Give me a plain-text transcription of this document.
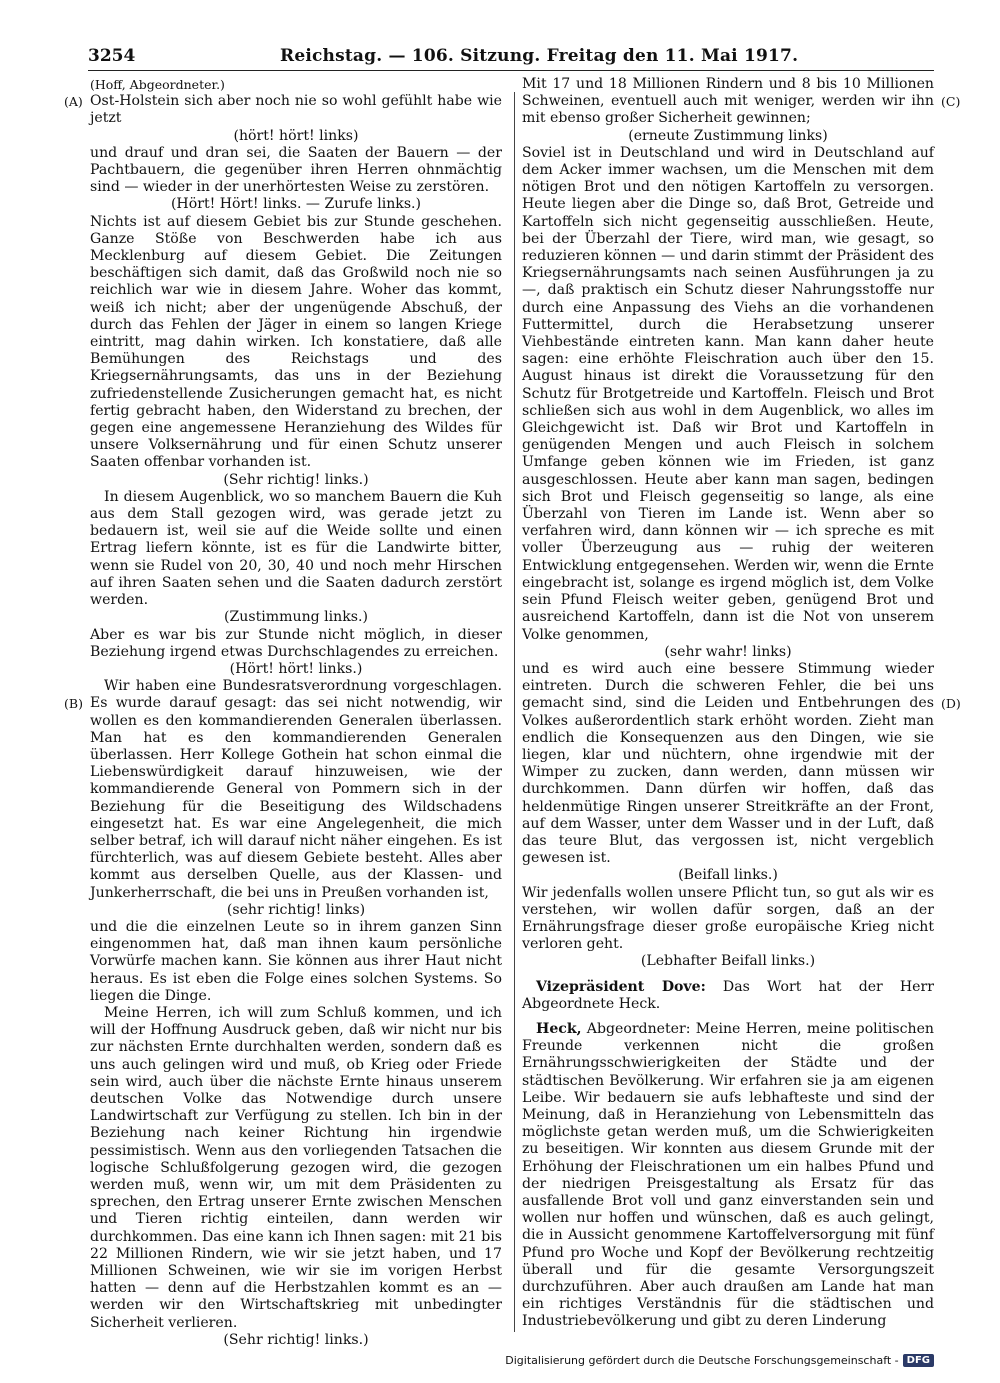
3254	Reichstag. — 106. Sitzung. Freitag den 11. Mai 1917.

(Hoff, Abgeordneter.)

Ost-Holstein sich aber noch nie so wohl gefühlt habe wie jetzt

(hört! hört! links)

und drauf und dran sei, die Saaten der Bauern — der Pachtbauern, die gegenüber ihren Herren ohnmächtig sind — wieder in der unerhörtesten Weise zu zerstören.

(Hört! Hört! links. — Zurufe links.)

Nichts ist auf diesem Gebiet bis zur Stunde geschehen. Ganze Stöße von Beschwerden habe ich aus Mecklenburg auf diesem Gebiet. Die Zeitungen beschäftigen sich damit, daß das Großwild noch nie so reichlich war wie in diesem Jahre. Woher das kommt, weiß ich nicht; aber der ungenügende Abschuß, der durch das Fehlen der Jäger in einem so langen Kriege eintritt, mag dahin wirken. Ich konstatiere, daß alle Bemühungen des Reichstags und des Kriegsernährungsamts, das uns in der Beziehung zufriedenstellende Zusicherungen gemacht hat, es nicht fertig gebracht haben, den Widerstand zu brechen, der gegen eine angemessene Heranziehung des Wildes für unsere Volksernährung und für einen Schutz unserer Saaten offenbar vorhanden ist.

(Sehr richtig! links.)

In diesem Augenblick, wo so manchem Bauern die Kuh aus dem Stall gezogen wird, was gerade jetzt zu bedauern ist, weil sie auf die Weide sollte und einen Ertrag liefern könnte, ist es für die Landwirte bitter, wenn sie Rudel von 20, 30, 40 und noch mehr Hirschen auf ihren Saaten sehen und die Saaten dadurch zerstört werden.

(Zustimmung links.)

Aber es war bis zur Stunde nicht möglich, in dieser Beziehung irgend etwas Durchschlagendes zu erreichen.

(Hört! hört! links.)

Wir haben eine Bundesratsverordnung vorgeschlagen. Es wurde darauf gesagt: das sei nicht notwendig, wir wollen es den kommandierenden Generalen überlassen. Man hat es den kommandierenden Generalen überlassen. Herr Kollege Gothein hat schon einmal die Liebenswürdigkeit darauf hinzuweisen, wie der kommandierende General von Pommern sich in der Beziehung für die Beseitigung des Wildschadens eingesetzt hat. Es war eine Angelegenheit, die mich selber betraf, ich will darauf nicht näher eingehen. Es ist fürchterlich, was auf diesem Gebiete besteht. Alles aber kommt aus derselben Quelle, aus der Klassen- und Junkerherrschaft, die bei uns in Preußen vorhanden ist,

(sehr richtig! links)

und die die einzelnen Leute so in ihrem ganzen Sinn eingenommen hat, daß man ihnen kaum persönliche Vorwürfe machen kann. Sie können aus ihrer Haut nicht heraus. Es ist eben die Folge eines solchen Systems. So liegen die Dinge.

Meine Herren, ich will zum Schluß kommen, und ich will der Hoffnung Ausdruck geben, daß wir nicht nur bis zur nächsten Ernte durchhalten werden, sondern daß es uns auch gelingen wird und muß, ob Krieg oder Friede sein wird, auch über die nächste Ernte hinaus unserem deutschen Volke das Notwendige durch unsere Landwirtschaft zur Verfügung zu stellen. Ich bin in der Beziehung nach keiner Richtung hin irgendwie pessimistisch. Wenn aus den vorliegenden Tatsachen die logische Schlußfolgerung gezogen wird, die gezogen werden muß, wenn wir, um mit dem Präsidenten zu sprechen, den Ertrag unserer Ernte zwischen Menschen und Tieren richtig einteilen, dann werden wir durchkommen. Das eine kann ich Ihnen sagen: mit 21 bis 22 Millionen Rindern, wie wir sie jetzt haben, und 17 Millionen Schweinen, wie wir sie im vorigen Herbst hatten — denn auf die Herbstzahlen kommt es an — werden wir den Wirtschaftskrieg mit unbedingter Sicherheit verlieren.

(Sehr richtig! links.)

Mit 17 und 18 Millionen Rindern und 8 bis 10 Millionen Schweinen, eventuell auch mit weniger, werden wir ihn mit ebenso großer Sicherheit gewinnen;

(erneute Zustimmung links)

Soviel ist in Deutschland und wird in Deutschland auf dem Acker immer wachsen, um die Menschen mit dem nötigen Brot und den nötigen Kartoffeln zu versorgen. Heute liegen aber die Dinge so, daß Brot, Getreide und Kartoffeln sich nicht gegenseitig ausschließen. Heute, bei der Überzahl der Tiere, wird man, wie gesagt, so reduzieren können — und darin stimmt der Präsident des Kriegsernährungsamts nach seinen Ausführungen ja zu —, daß praktisch ein Schutz dieser Nahrungsstoffe nur durch eine Anpassung des Viehs an die vorhandenen Futtermittel, durch die Herabsetzung unserer Viehbestände eintreten kann. Man kann daher heute sagen: eine erhöhte Fleischration auch über den 15. August hinaus ist direkt die Voraussetzung für den Schutz für Brotgetreide und Kartoffeln. Fleisch und Brot schließen sich aus wohl in dem Augenblick, wo alles im Gleichgewicht ist. Daß wir Brot und Kartoffeln in genügenden Mengen und auch Fleisch in solchem Umfange geben können wie im Frieden, ist ganz ausgeschlossen. Heute aber kann man sagen, bedingen sich Brot und Fleisch gegenseitig so lange, als eine Überzahl von Tieren im Lande ist. Wenn aber so verfahren wird, dann können wir — ich spreche es mit voller Überzeugung aus — ruhig der weiteren Entwicklung entgegensehen. Werden wir, wenn die Ernte eingebracht ist, solange es irgend möglich ist, dem Volke sein Pfund Fleisch weiter geben, genügend Brot und ausreichend Kartoffeln, dann ist die Not von unserem Volke genommen,

(sehr wahr! links)

und es wird auch eine bessere Stimmung wieder eintreten. Durch die schweren Fehler, die bei uns gemacht sind, sind die Leiden und Entbehrungen des Volkes außerordentlich stark erhöht worden. Zieht man endlich die Konsequenzen aus den Dingen, wie sie liegen, klar und nüchtern, ohne irgendwie mit der Wimper zu zucken, dann werden, dann müssen wir durchkommen. Dann dürfen wir hoffen, daß das heldenmütige Ringen unserer Streitkräfte an der Front, auf dem Wasser, unter dem Wasser und in der Luft, daß das teure Blut, das vergossen ist, nicht vergeblich gewesen ist.

(Beifall links.)

Wir jedenfalls wollen unsere Pflicht tun, so gut als wir es verstehen, wir wollen dafür sorgen, daß an der Ernährungsfrage dieser große europäische Krieg nicht verloren geht.

(Lebhafter Beifall links.)

Vizepräsident Dove: Das Wort hat der Herr Abgeordnete Heck.

Heck, Abgeordneter: Meine Herren, meine politischen Freunde verkennen nicht die großen Ernährungsschwierigkeiten der Städte und der städtischen Bevölkerung. Wir erfahren sie ja am eigenen Leibe. Wir bedauern sie aufs lebhafteste und sind der Meinung, daß in Heranziehung von Lebensmitteln das möglichste getan werden muß, um die Schwierigkeiten zu beseitigen. Wir konnten aus diesem Grunde mit der Erhöhung der Fleischrationen um ein halbes Pfund und der niedrigen Preisgestaltung als Ersatz für das ausfallende Brot voll und ganz einverstanden sein und wollen nur hoffen und wünschen, daß es auch gelingt, die in Aussicht genommene Kartoffelversorgung mit fünf Pfund pro Woche und Kopf der Bevölkerung rechtzeitig überall und für die gesamte Versorgungszeit durchzuführen. Aber auch draußen am Lande hat man ein richtiges Verständnis für die städtischen und Industriebevölkerung und gibt zu deren Linderung

(A)
(B)
(C)
(D)
Digitalisierung gefördert durch die Deutsche Forschungsgemeinschaft - DFG
